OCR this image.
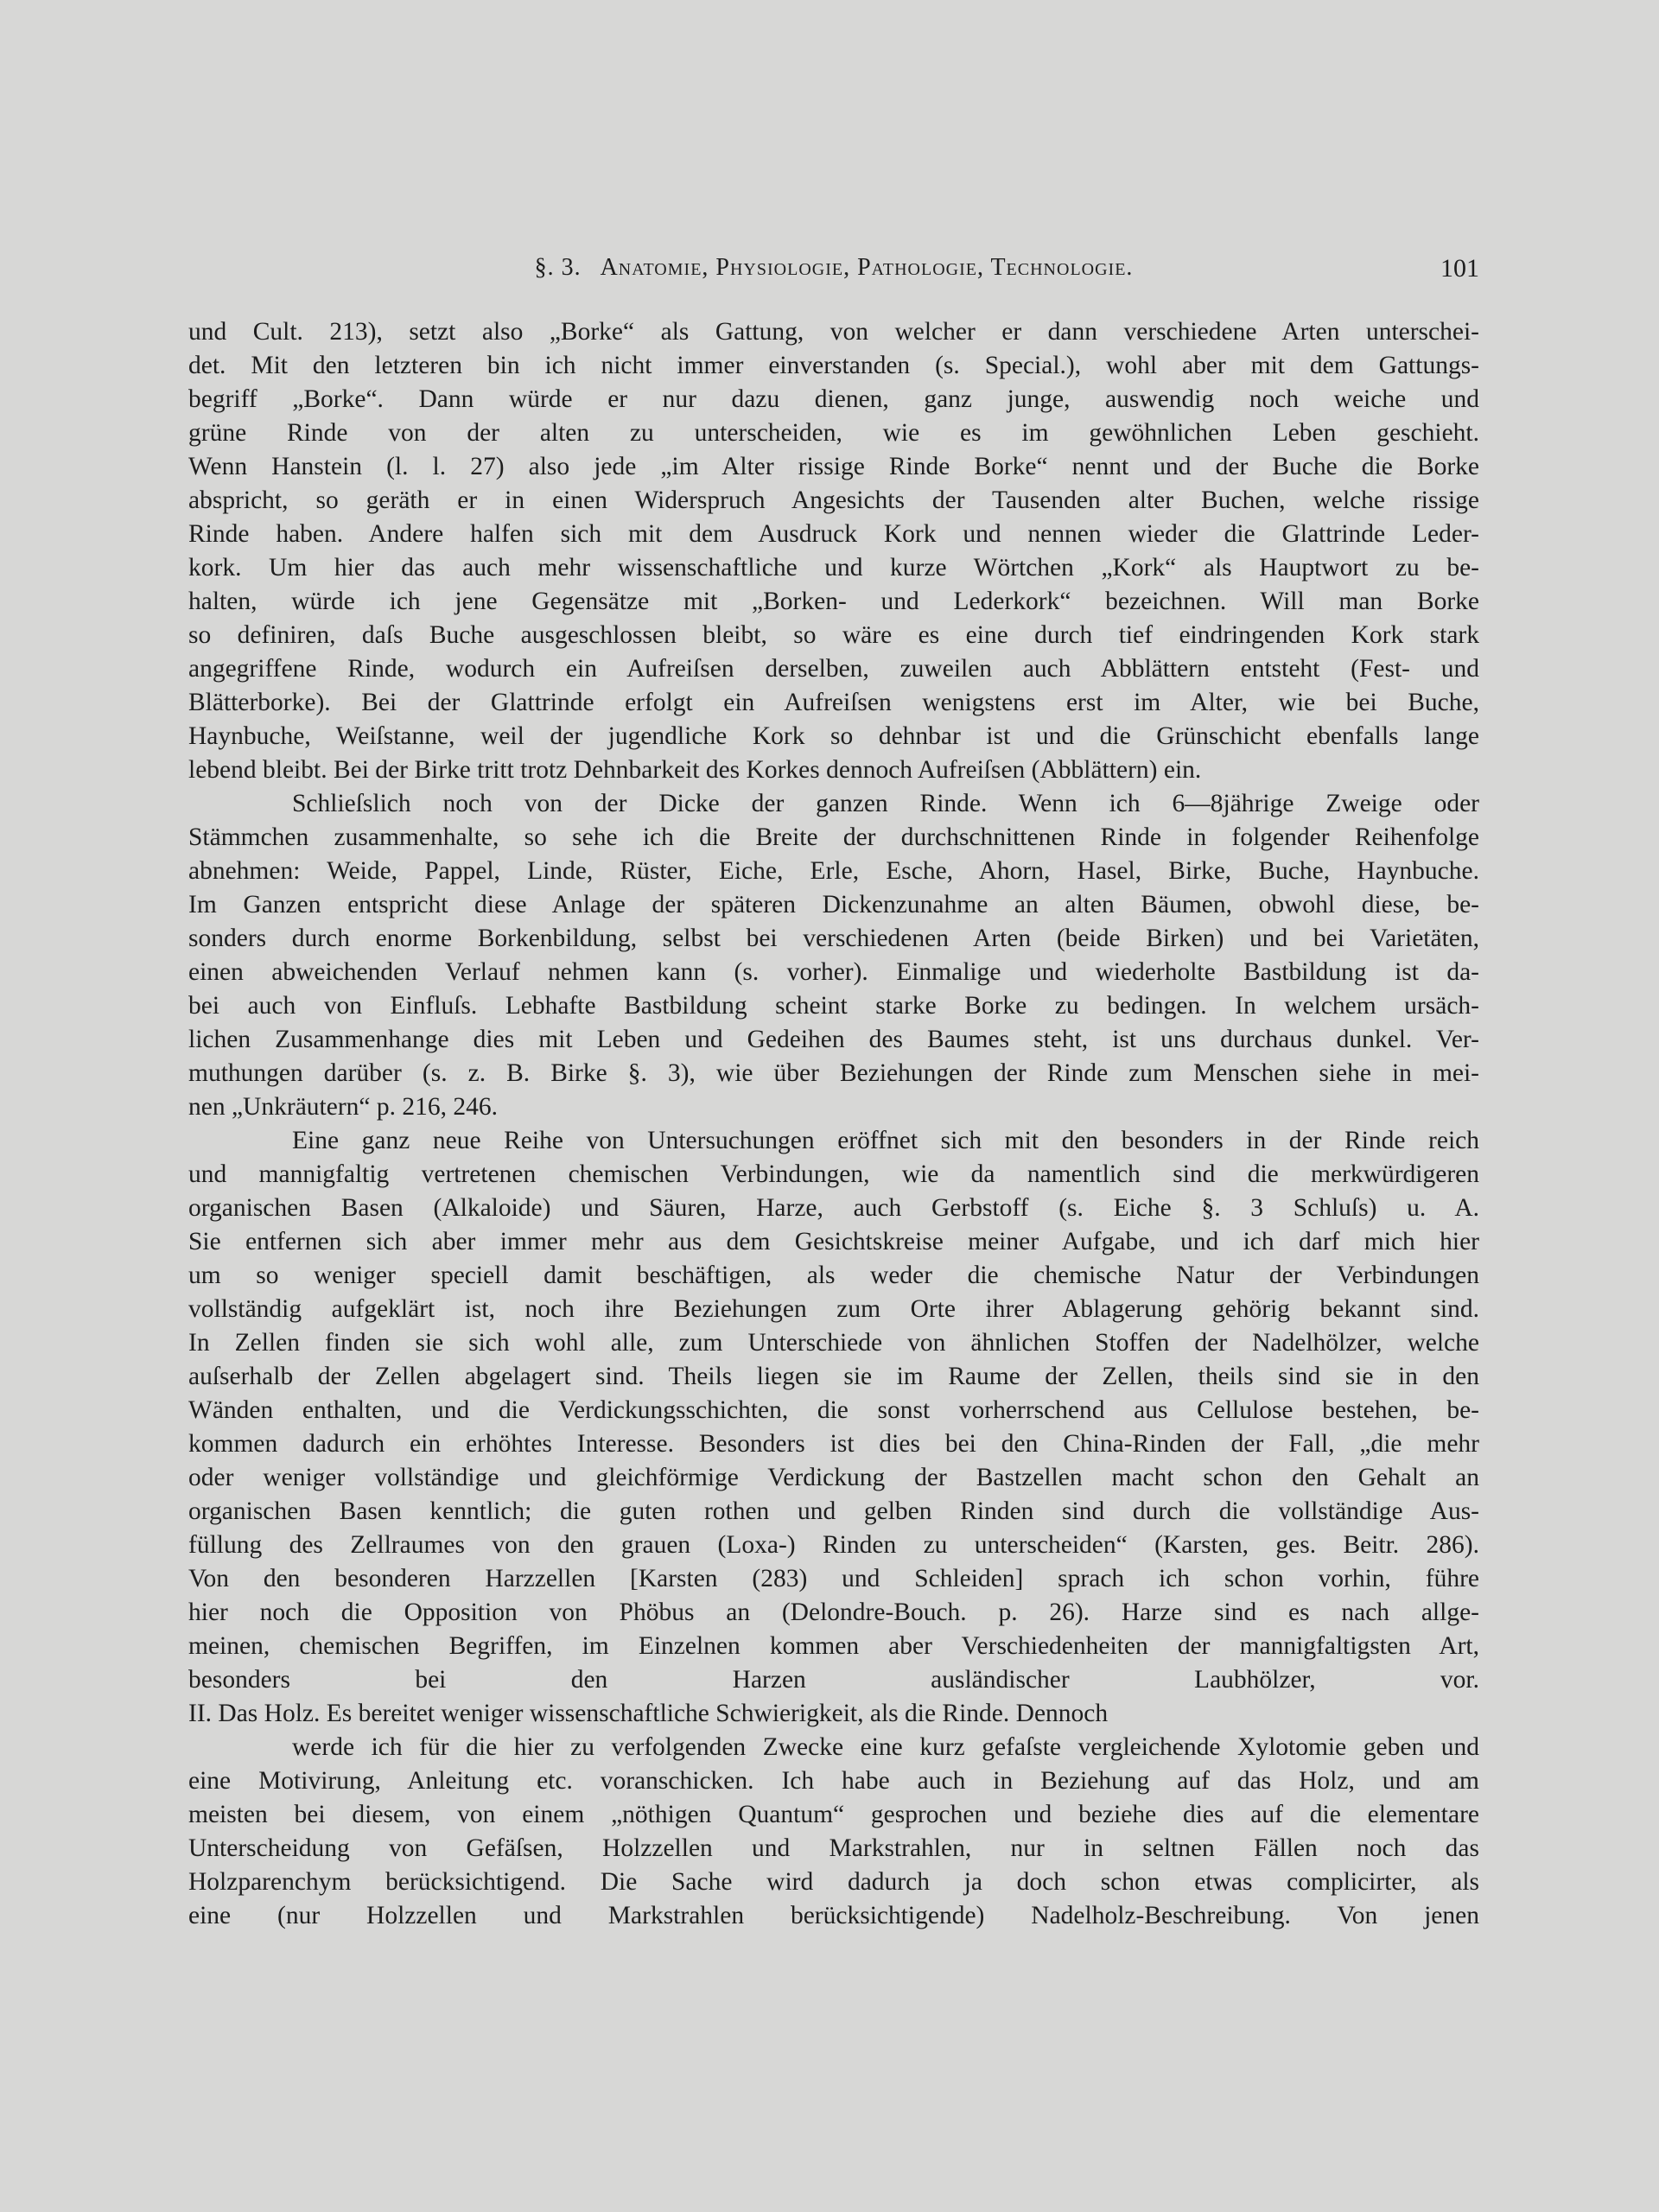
§. 3. Anatomie, Physiologie, Pathologie, Technologie.	101
und Cult. 213), setzt also „Borke“ als Gattung, von welcher er dann verschiedene Arten unterschei-
det. Mit den letzteren bin ich nicht immer einverstanden (s. Special.), wohl aber mit dem Gattungs-
begriff „Borke“. Dann würde er nur dazu dienen, ganz junge, auswendig noch weiche und
grüne Rinde von der alten zu unterscheiden, wie es im gewöhnlichen Leben geschieht.
Wenn Hanstein (l. l. 27) also jede „im Alter rissige Rinde Borke“ nennt und der Buche die Borke
abspricht, so geräth er in einen Widerspruch Angesichts der Tausenden alter Buchen, welche rissige
Rinde haben. Andere halfen sich mit dem Ausdruck Kork und nennen wieder die Glattrinde Leder-
kork. Um hier das auch mehr wissenschaftliche und kurze Wörtchen „Kork“ als Hauptwort zu be-
halten, würde ich jene Gegensätze mit „Borken- und Lederkork“ bezeichnen. Will man Borke
so definiren, daſs Buche ausgeschlossen bleibt, so wäre es eine durch tief eindringenden Kork stark
angegriffene Rinde, wodurch ein Aufreiſsen derselben, zuweilen auch Abblättern entsteht (Fest- und
Blätterborke). Bei der Glattrinde erfolgt ein Aufreiſsen wenigstens erst im Alter, wie bei Buche,
Haynbuche, Weiſstanne, weil der jugendliche Kork so dehnbar ist und die Grünschicht ebenfalls lange
lebend bleibt. Bei der Birke tritt trotz Dehnbarkeit des Korkes dennoch Aufreiſsen (Abblättern) ein.
Schlieſslich noch von der Dicke der ganzen Rinde. Wenn ich 6—8jährige Zweige oder
Stämmchen zusammenhalte, so sehe ich die Breite der durchschnittenen Rinde in folgender Reihenfolge
abnehmen: Weide, Pappel, Linde, Rüster, Eiche, Erle, Esche, Ahorn, Hasel, Birke, Buche, Haynbuche.
Im Ganzen entspricht diese Anlage der späteren Dickenzunahme an alten Bäumen, obwohl diese, be-
sonders durch enorme Borkenbildung, selbst bei verschiedenen Arten (beide Birken) und bei Varietäten,
einen abweichenden Verlauf nehmen kann (s. vorher). Einmalige und wiederholte Bastbildung ist da-
bei auch von Einfluſs. Lebhafte Bastbildung scheint starke Borke zu bedingen. In welchem ursäch-
lichen Zusammenhange dies mit Leben und Gedeihen des Baumes steht, ist uns durchaus dunkel. Ver-
muthungen darüber (s. z. B. Birke §. 3), wie über Beziehungen der Rinde zum Menschen siehe in mei-
nen „Unkräutern“ p. 216, 246.
Eine ganz neue Reihe von Untersuchungen eröffnet sich mit den besonders in der Rinde reich
und mannigfaltig vertretenen chemischen Verbindungen, wie da namentlich sind die merkwürdigeren
organischen Basen (Alkaloide) und Säuren, Harze, auch Gerbstoff (s. Eiche §. 3 Schluſs) u. A.
Sie entfernen sich aber immer mehr aus dem Gesichtskreise meiner Aufgabe, und ich darf mich hier
um so weniger speciell damit beschäftigen, als weder die chemische Natur der Verbindungen
vollständig aufgeklärt ist, noch ihre Beziehungen zum Orte ihrer Ablagerung gehörig bekannt sind.
In Zellen finden sie sich wohl alle, zum Unterschiede von ähnlichen Stoffen der Nadelhölzer, welche
auſserhalb der Zellen abgelagert sind. Theils liegen sie im Raume der Zellen, theils sind sie in den
Wänden enthalten, und die Verdickungsschichten, die sonst vorherrschend aus Cellulose bestehen, be-
kommen dadurch ein erhöhtes Interesse. Besonders ist dies bei den China-Rinden der Fall, „die mehr
oder weniger vollständige und gleichförmige Verdickung der Bastzellen macht schon den Gehalt an
organischen Basen kenntlich; die guten rothen und gelben Rinden sind durch die vollständige Aus-
füllung des Zellraumes von den grauen (Loxa-) Rinden zu unterscheiden“ (Karsten, ges. Beitr. 286).
Von den besonderen Harzzellen [Karsten (283) und Schleiden] sprach ich schon vorhin, führe
hier noch die Opposition von Phöbus an (Delondre-Bouch. p. 26). Harze sind es nach allge-
meinen, chemischen Begriffen, im Einzelnen kommen aber Verschiedenheiten der mannigfaltigsten Art,
besonders bei den Harzen ausländischer Laubhölzer, vor.
II. Das Holz. Es bereitet weniger wissenschaftliche Schwierigkeit, als die Rinde. Dennoch
werde ich für die hier zu verfolgenden Zwecke eine kurz gefaſste vergleichende Xylotomie geben und
eine Motivirung, Anleitung etc. voranschicken. Ich habe auch in Beziehung auf das Holz, und am
meisten bei diesem, von einem „nöthigen Quantum“ gesprochen und beziehe dies auf die elementare
Unterscheidung von Gefäſsen, Holzzellen und Markstrahlen, nur in seltnen Fällen noch das
Holzparenchym berücksichtigend. Die Sache wird dadurch ja doch schon etwas complicirter, als
eine (nur Holzzellen und Markstrahlen berücksichtigende) Nadelholz-Beschreibung. Von jenen
